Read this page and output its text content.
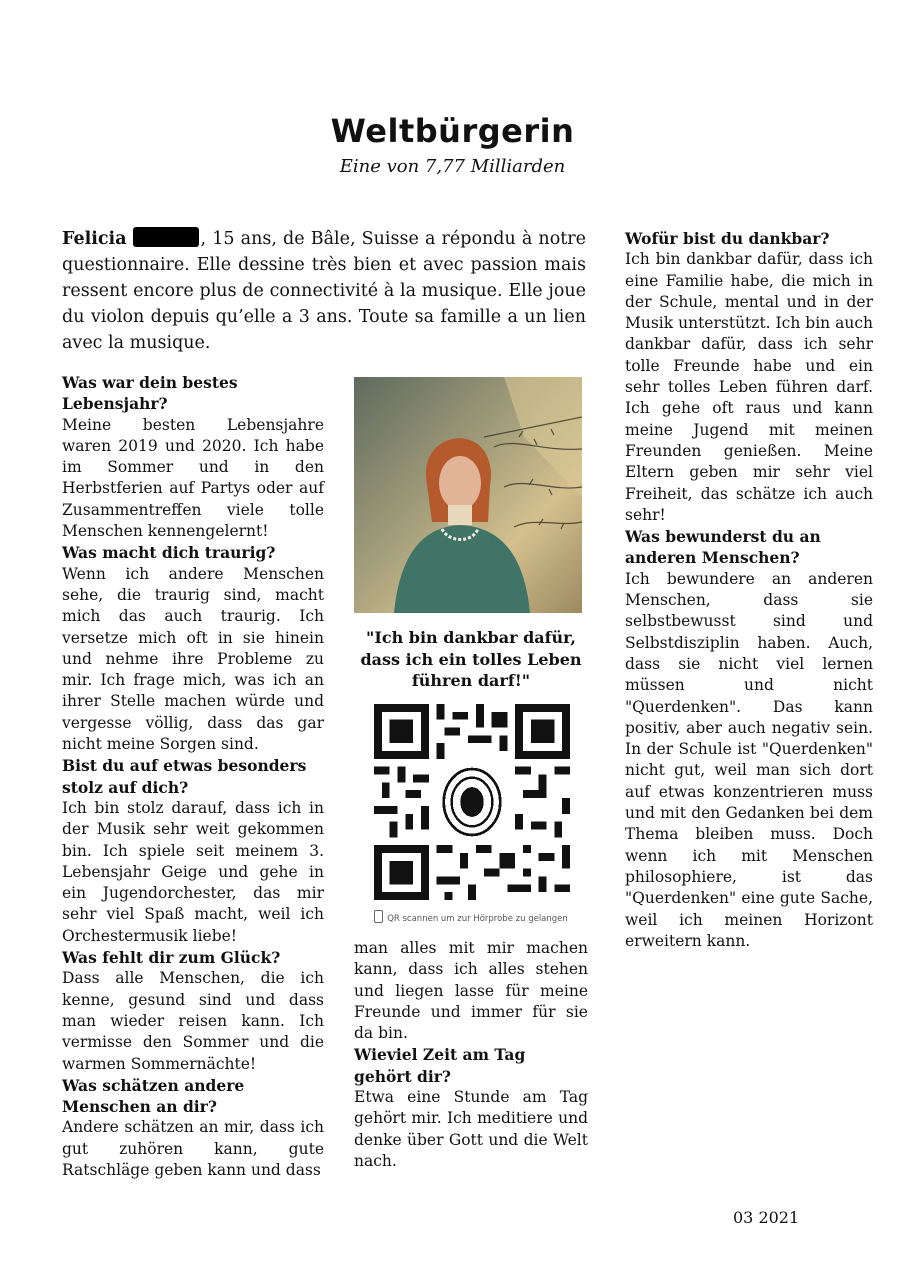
Weltbürgerin

Eine von 7,77 Milliarden

Felicia	, 15 ans, de Bâle, Suisse a répondu à notre questionnaire. Elle dessine très bien et avec passion mais ressent encore plus de connectivité à la musique. Elle joue du violon depuis qu’elle a 3 ans. Toute sa famille a un lien avec la musique.

Was war dein bestes Lebensjahr?

Meine besten Lebensjahre waren 2019 und 2020. Ich habe im Sommer und in den Herbstferien auf Partys oder auf Zusammentreffen viele tolle Menschen kennengelernt!

Was macht dich traurig?

Wenn ich andere Menschen sehe, die traurig sind, macht mich das auch traurig. Ich versetze mich oft in sie hinein und nehme ihre Probleme zu mir. Ich frage mich, was ich an ihrer Stelle machen würde und vergesse völlig, dass das gar nicht meine Sorgen sind.

Bist du auf etwas besonders stolz auf dich?

Ich bin stolz darauf, dass ich in der Musik sehr weit gekommen bin. Ich spiele seit meinem 3. Lebensjahr Geige und gehe in ein Jugendorchester, das mir sehr viel Spaß macht, weil ich Orchestermusik liebe!

Was fehlt dir zum Glück?

Dass alle Menschen, die ich kenne, gesund sind und dass man wieder reisen kann. Ich vermisse den Sommer und die warmen Sommernächte!

Was schätzen andere Menschen an dir?

Andere schätzen an mir, dass ich gut zuhören kann, gute Ratschläge geben kann und dass

"Ich bin dankbar dafür, dass ich ein tolles Leben führen darf!"

QR scannen um zur Hörprobe zu gelangen

man alles mit mir machen kann, dass ich alles stehen und liegen lasse für meine Freunde und immer für sie da bin.

Wieviel Zeit am Tag gehört dir?

Etwa eine Stunde am Tag gehört mir. Ich meditiere und denke über Gott und die Welt nach.

Wofür bist du dankbar?

Ich bin dankbar dafür, dass ich eine Familie habe, die mich in der Schule, mental und in der Musik unterstützt. Ich bin auch dankbar dafür, dass ich sehr tolle Freunde habe und ein sehr tolles Leben führen darf. Ich gehe oft raus und kann meine Jugend mit meinen Freunden genießen. Meine Eltern geben mir sehr viel Freiheit, das schätze ich auch sehr!

Was bewunderst du an anderen Menschen?

Ich bewundere an anderen Menschen, dass sie selbstbewusst sind und Selbstdisziplin haben. Auch, dass sie nicht viel lernen müssen und nicht "Querdenken". Das kann positiv, aber auch negativ sein. In der Schule ist "Querdenken" nicht gut, weil man sich dort auf etwas konzentrieren muss und mit den Gedanken bei dem Thema bleiben muss. Doch wenn ich mit Menschen philosophiere, ist das "Querdenken" eine gute Sache, weil ich meinen Horizont erweitern kann.

03 2021
